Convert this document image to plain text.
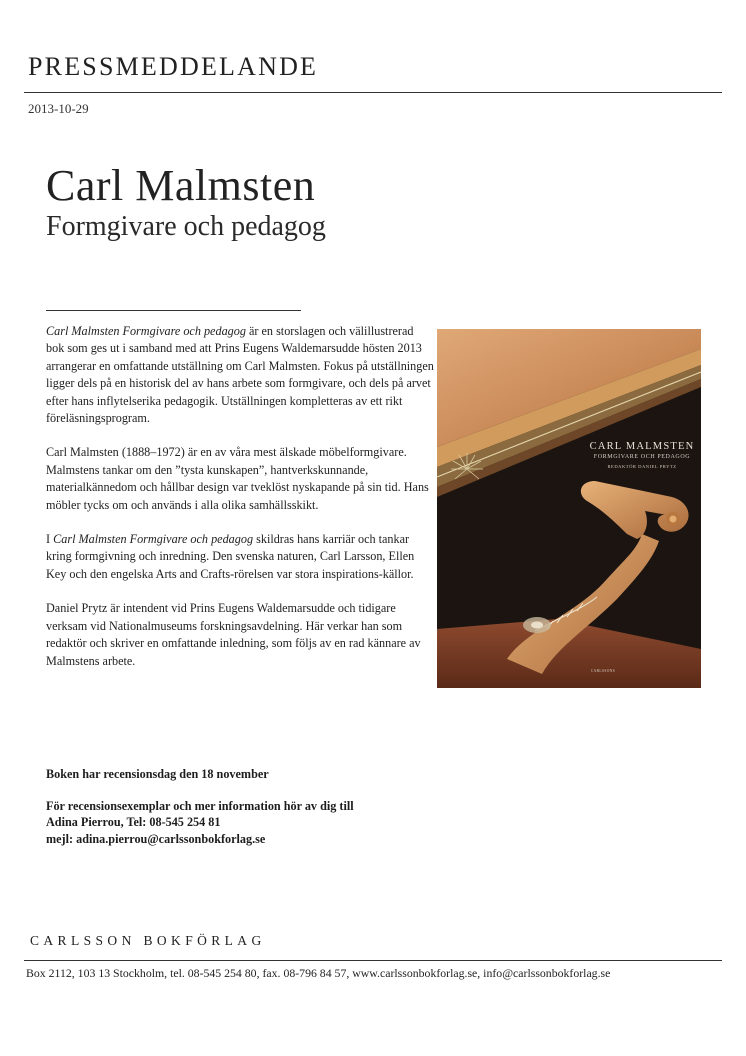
PRESSMEDDELANDE
2013-10-29
Carl Malmsten
Formgivare och pedagog

Carl Malmsten Formgivare och pedagog är en storslagen och välillustrerad bok som ges ut i samband med att Prins Eugens Waldemarsudde hösten 2013 arrangerar en omfattande utställning om Carl Malmsten. Fokus på utställningen ligger dels på en historisk del av hans arbete som formgivare, och dels på arvet efter hans inflytelserika pedagogik. Utställningen kompletteras av ett rikt föreläsningsprogram.

Carl Malmsten (1888–1972) är en av våra mest älskade möbelformgivare. Malmstens tankar om den ”tysta kunskapen”, hantverkskunnande, materialkännedom och hållbar design var tveklöst nyskapande på sin tid. Hans möbler tycks om och används i alla olika samhällsskikt.

I Carl Malmsten Formgivare och pedagog skildras hans karriär och tankar kring formgivning och inredning. Den svenska naturen, Carl Larsson, Ellen Key och den engelska Arts and Crafts-rörelsen var stora inspirations-källor.

Daniel Prytz är intendent vid Prins Eugens Waldemarsudde och tidigare verksam vid Nationalmuseums forskningsavdelning. Här verkar han som redaktör och skriver en omfattande inledning, som följs av en rad kännare av Malmstens arbete.

CARL MALMSTEN
FORMGIVARE OCH PEDAGOG
REDAKTÖR DANIEL PRYTZ
CARLSSONS
Boken har recensionsdag den 18 november
För recensionsexemplar och mer information hör av dig till
Adina Pierrou, Tel: 08-545 254 81
mejl: adina.pierrou@carlssonbokforlag.se
CARLSSON BOKFÖRLAG
Box 2112, 103 13 Stockholm, tel. 08-545 254 80, fax. 08-796 84 57, www.carlssonbokforlag.se, info@carlssonbokforlag.se
